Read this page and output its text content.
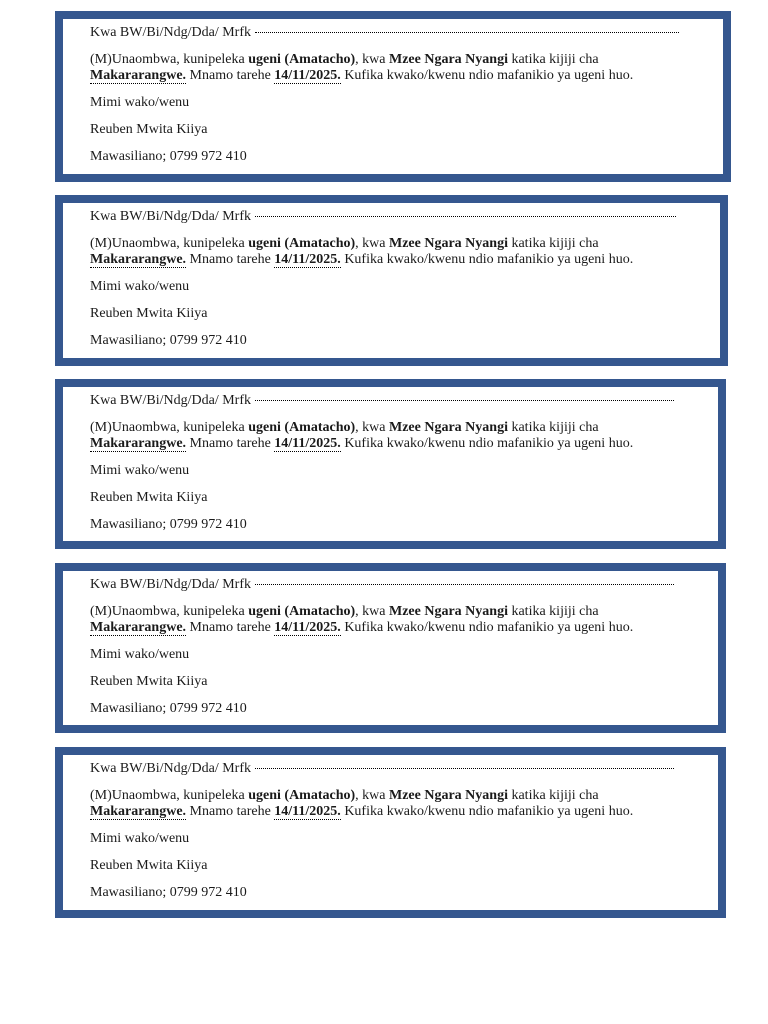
Kwa BW/Bi/Ndg/Dda/ Mrfk
(M)Unaombwa, kunipeleka ugeni (Amatacho), kwa Mzee Ngara Nyangi katika kijiji cha
Makararangwe. Mnamo tarehe 14/11/2025. Kufika kwako/kwenu ndio mafanikio ya ugeni huo.
Mimi wako/wenu
Reuben Mwita Kiiya
Mawasiliano; 0799 972 410
Kwa BW/Bi/Ndg/Dda/ Mrfk
(M)Unaombwa, kunipeleka ugeni (Amatacho), kwa Mzee Ngara Nyangi katika kijiji cha
Makararangwe. Mnamo tarehe 14/11/2025. Kufika kwako/kwenu ndio mafanikio ya ugeni huo.
Mimi wako/wenu
Reuben Mwita Kiiya
Mawasiliano; 0799 972 410
Kwa BW/Bi/Ndg/Dda/ Mrfk
(M)Unaombwa, kunipeleka ugeni (Amatacho), kwa Mzee Ngara Nyangi katika kijiji cha
Makararangwe. Mnamo tarehe 14/11/2025. Kufika kwako/kwenu ndio mafanikio ya ugeni huo.
Mimi wako/wenu
Reuben Mwita Kiiya
Mawasiliano; 0799 972 410
Kwa BW/Bi/Ndg/Dda/ Mrfk
(M)Unaombwa, kunipeleka ugeni (Amatacho), kwa Mzee Ngara Nyangi katika kijiji cha
Makararangwe. Mnamo tarehe 14/11/2025. Kufika kwako/kwenu ndio mafanikio ya ugeni huo.
Mimi wako/wenu
Reuben Mwita Kiiya
Mawasiliano; 0799 972 410
Kwa BW/Bi/Ndg/Dda/ Mrfk
(M)Unaombwa, kunipeleka ugeni (Amatacho), kwa Mzee Ngara Nyangi katika kijiji cha
Makararangwe. Mnamo tarehe 14/11/2025. Kufika kwako/kwenu ndio mafanikio ya ugeni huo.
Mimi wako/wenu
Reuben Mwita Kiiya
Mawasiliano; 0799 972 410
